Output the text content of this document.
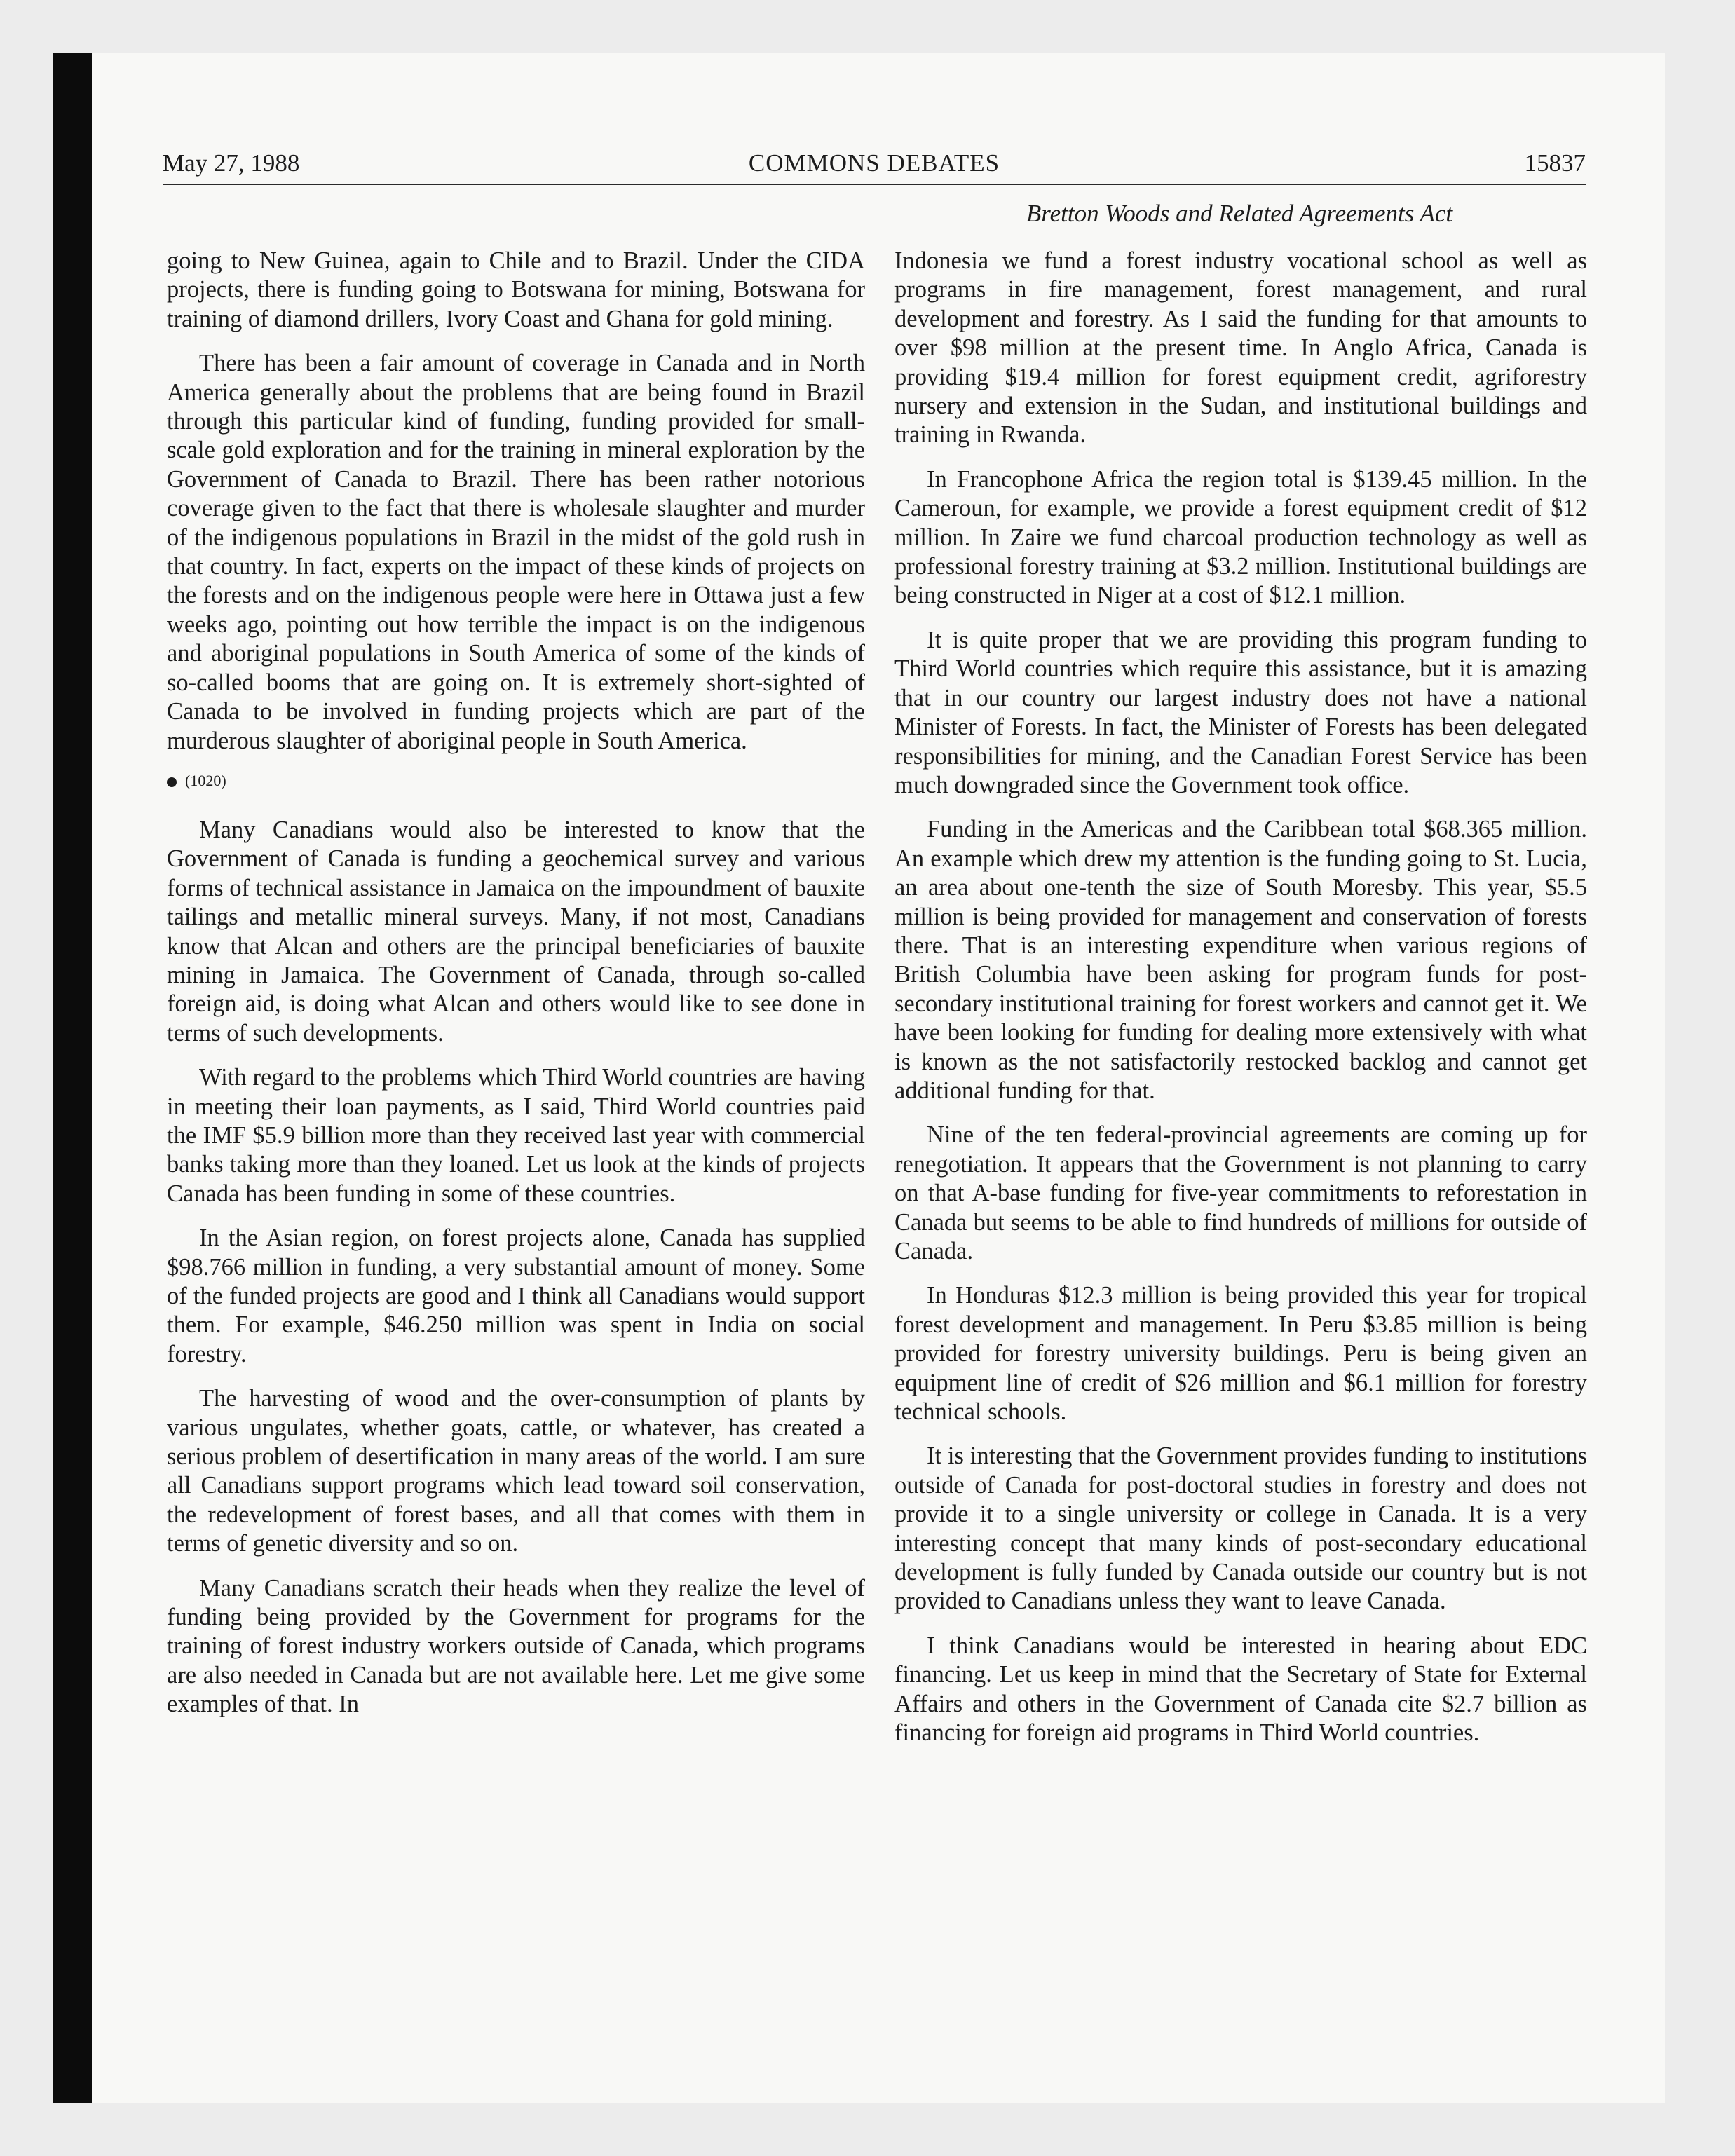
May 27, 1988	COMMONS DEBATES	15837
Bretton Woods and Related Agreements Act

going to New Guinea, again to Chile and to Brazil. Under the CIDA projects, there is funding going to Botswana for mining, Botswana for training of diamond drillers, Ivory Coast and Ghana for gold mining.

There has been a fair amount of coverage in Canada and in North America generally about the problems that are being found in Brazil through this particular kind of funding, funding provided for small-scale gold exploration and for the training in mineral exploration by the Government of Canada to Brazil. There has been rather notorious coverage given to the fact that there is wholesale slaughter and murder of the indigenous populations in Brazil in the midst of the gold rush in that country. In fact, experts on the impact of these kinds of projects on the forests and on the indigenous people were here in Ottawa just a few weeks ago, pointing out how terrible the impact is on the indigenous and aboriginal populations in South America of some of the kinds of so-called booms that are going on. It is extremely short-sighted of Canada to be involved in funding projects which are part of the murderous slaughter of aboriginal people in South America.

(1020)

Many Canadians would also be interested to know that the Government of Canada is funding a geochemical survey and various forms of technical assistance in Jamaica on the impoundment of bauxite tailings and metallic mineral surveys. Many, if not most, Canadians know that Alcan and others are the principal beneficiaries of bauxite mining in Jamaica. The Government of Canada, through so-called foreign aid, is doing what Alcan and others would like to see done in terms of such developments.

With regard to the problems which Third World countries are having in meeting their loan payments, as I said, Third World countries paid the IMF $5.9 billion more than they received last year with commercial banks taking more than they loaned. Let us look at the kinds of projects Canada has been funding in some of these countries.

In the Asian region, on forest projects alone, Canada has supplied $98.766 million in funding, a very substantial amount of money. Some of the funded projects are good and I think all Canadians would support them. For example, $46.250 million was spent in India on social forestry.

The harvesting of wood and the over-consumption of plants by various ungulates, whether goats, cattle, or whatever, has created a serious problem of desertification in many areas of the world. I am sure all Canadians support programs which lead toward soil conservation, the redevelopment of forest bases, and all that comes with them in terms of genetic diversity and so on.

Many Canadians scratch their heads when they realize the level of funding being provided by the Government for programs for the training of forest industry workers outside of Canada, which programs are also needed in Canada but are not available here. Let me give some examples of that. In

Indonesia we fund a forest industry vocational school as well as programs in fire management, forest management, and rural development and forestry. As I said the funding for that amounts to over $98 million at the present time. In Anglo Africa, Canada is providing $19.4 million for forest equipment credit, agriforestry nursery and extension in the Sudan, and institutional buildings and training in Rwanda.

In Francophone Africa the region total is $139.45 million. In the Cameroun, for example, we provide a forest equipment credit of $12 million. In Zaire we fund charcoal production technology as well as professional forestry training at $3.2 million. Institutional buildings are being constructed in Niger at a cost of $12.1 million.

It is quite proper that we are providing this program funding to Third World countries which require this assistance, but it is amazing that in our country our largest industry does not have a national Minister of Forests. In fact, the Minister of Forests has been delegated responsibilities for mining, and the Canadian Forest Service has been much downgraded since the Government took office.

Funding in the Americas and the Caribbean total $68.365 million. An example which drew my attention is the funding going to St. Lucia, an area about one-tenth the size of South Moresby. This year, $5.5 million is being provided for management and conservation of forests there. That is an interesting expenditure when various regions of British Columbia have been asking for program funds for post-secondary institutional training for forest workers and cannot get it. We have been looking for funding for dealing more extensively with what is known as the not satisfactorily restocked backlog and cannot get additional funding for that.

Nine of the ten federal-provincial agreements are coming up for renegotiation. It appears that the Government is not planning to carry on that A-base funding for five-year commitments to reforestation in Canada but seems to be able to find hundreds of millions for outside of Canada.

In Honduras $12.3 million is being provided this year for tropical forest development and management. In Peru $3.85 million is being provided for forestry university buildings. Peru is being given an equipment line of credit of $26 million and $6.1 million for forestry technical schools.

It is interesting that the Government provides funding to institutions outside of Canada for post-doctoral studies in forestry and does not provide it to a single university or college in Canada. It is a very interesting concept that many kinds of post-secondary educational development is fully funded by Canada outside our country but is not provided to Canadians unless they want to leave Canada.

I think Canadians would be interested in hearing about EDC financing. Let us keep in mind that the Secretary of State for External Affairs and others in the Government of Canada cite $2.7 billion as financing for foreign aid programs in Third World countries.
